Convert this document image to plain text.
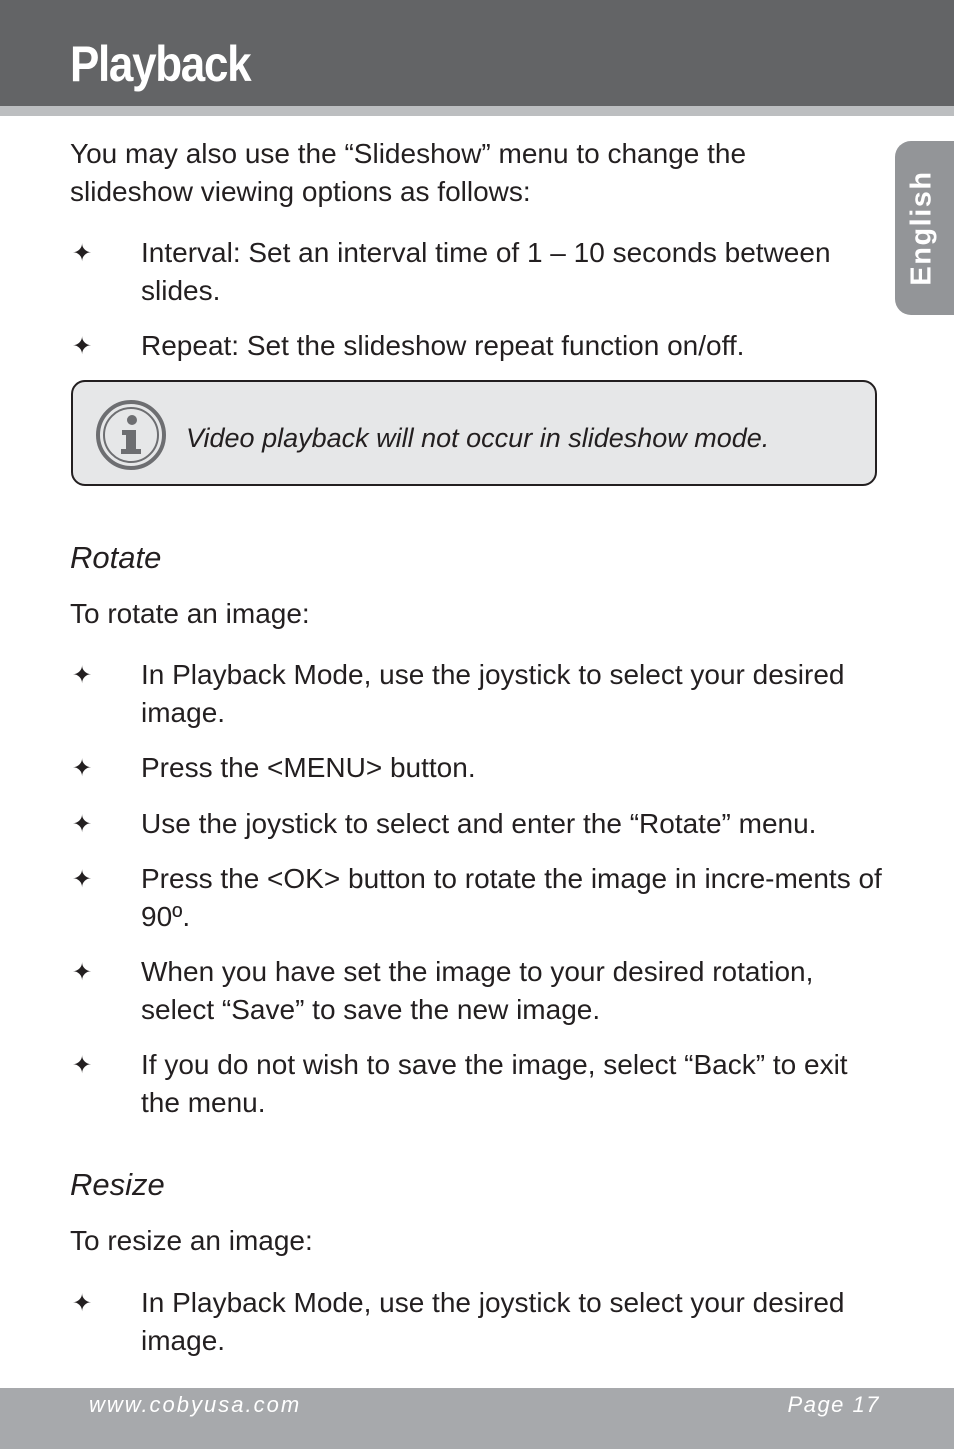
Playback
English

You may also use the “Slideshow” menu to change the

slideshow viewing options as follows:

✦ Interval: Set an interval time of 1 – 10 seconds between slides.

✦ Repeat: Set the slideshow repeat function on/off.

Rotate

To rotate an image:

✦ In Playback Mode, use the joystick to select your desired image.

✦ Press the <MENU> button.

✦ Use the joystick to select and enter the “Rotate” menu.

✦ Press the <OK> button to rotate the image in incre-ments of 90º.

✦ When you have set the image to your desired rotation, select “Save” to save the new image.

✦ If you do not wish to save the image, select “Back” to exit the menu.

Resize

To resize an image:

✦ In Playback Mode, use the joystick to select your desired image.

Video playback will not occur in slideshow mode.

www.cobyusa.com	Page 17
